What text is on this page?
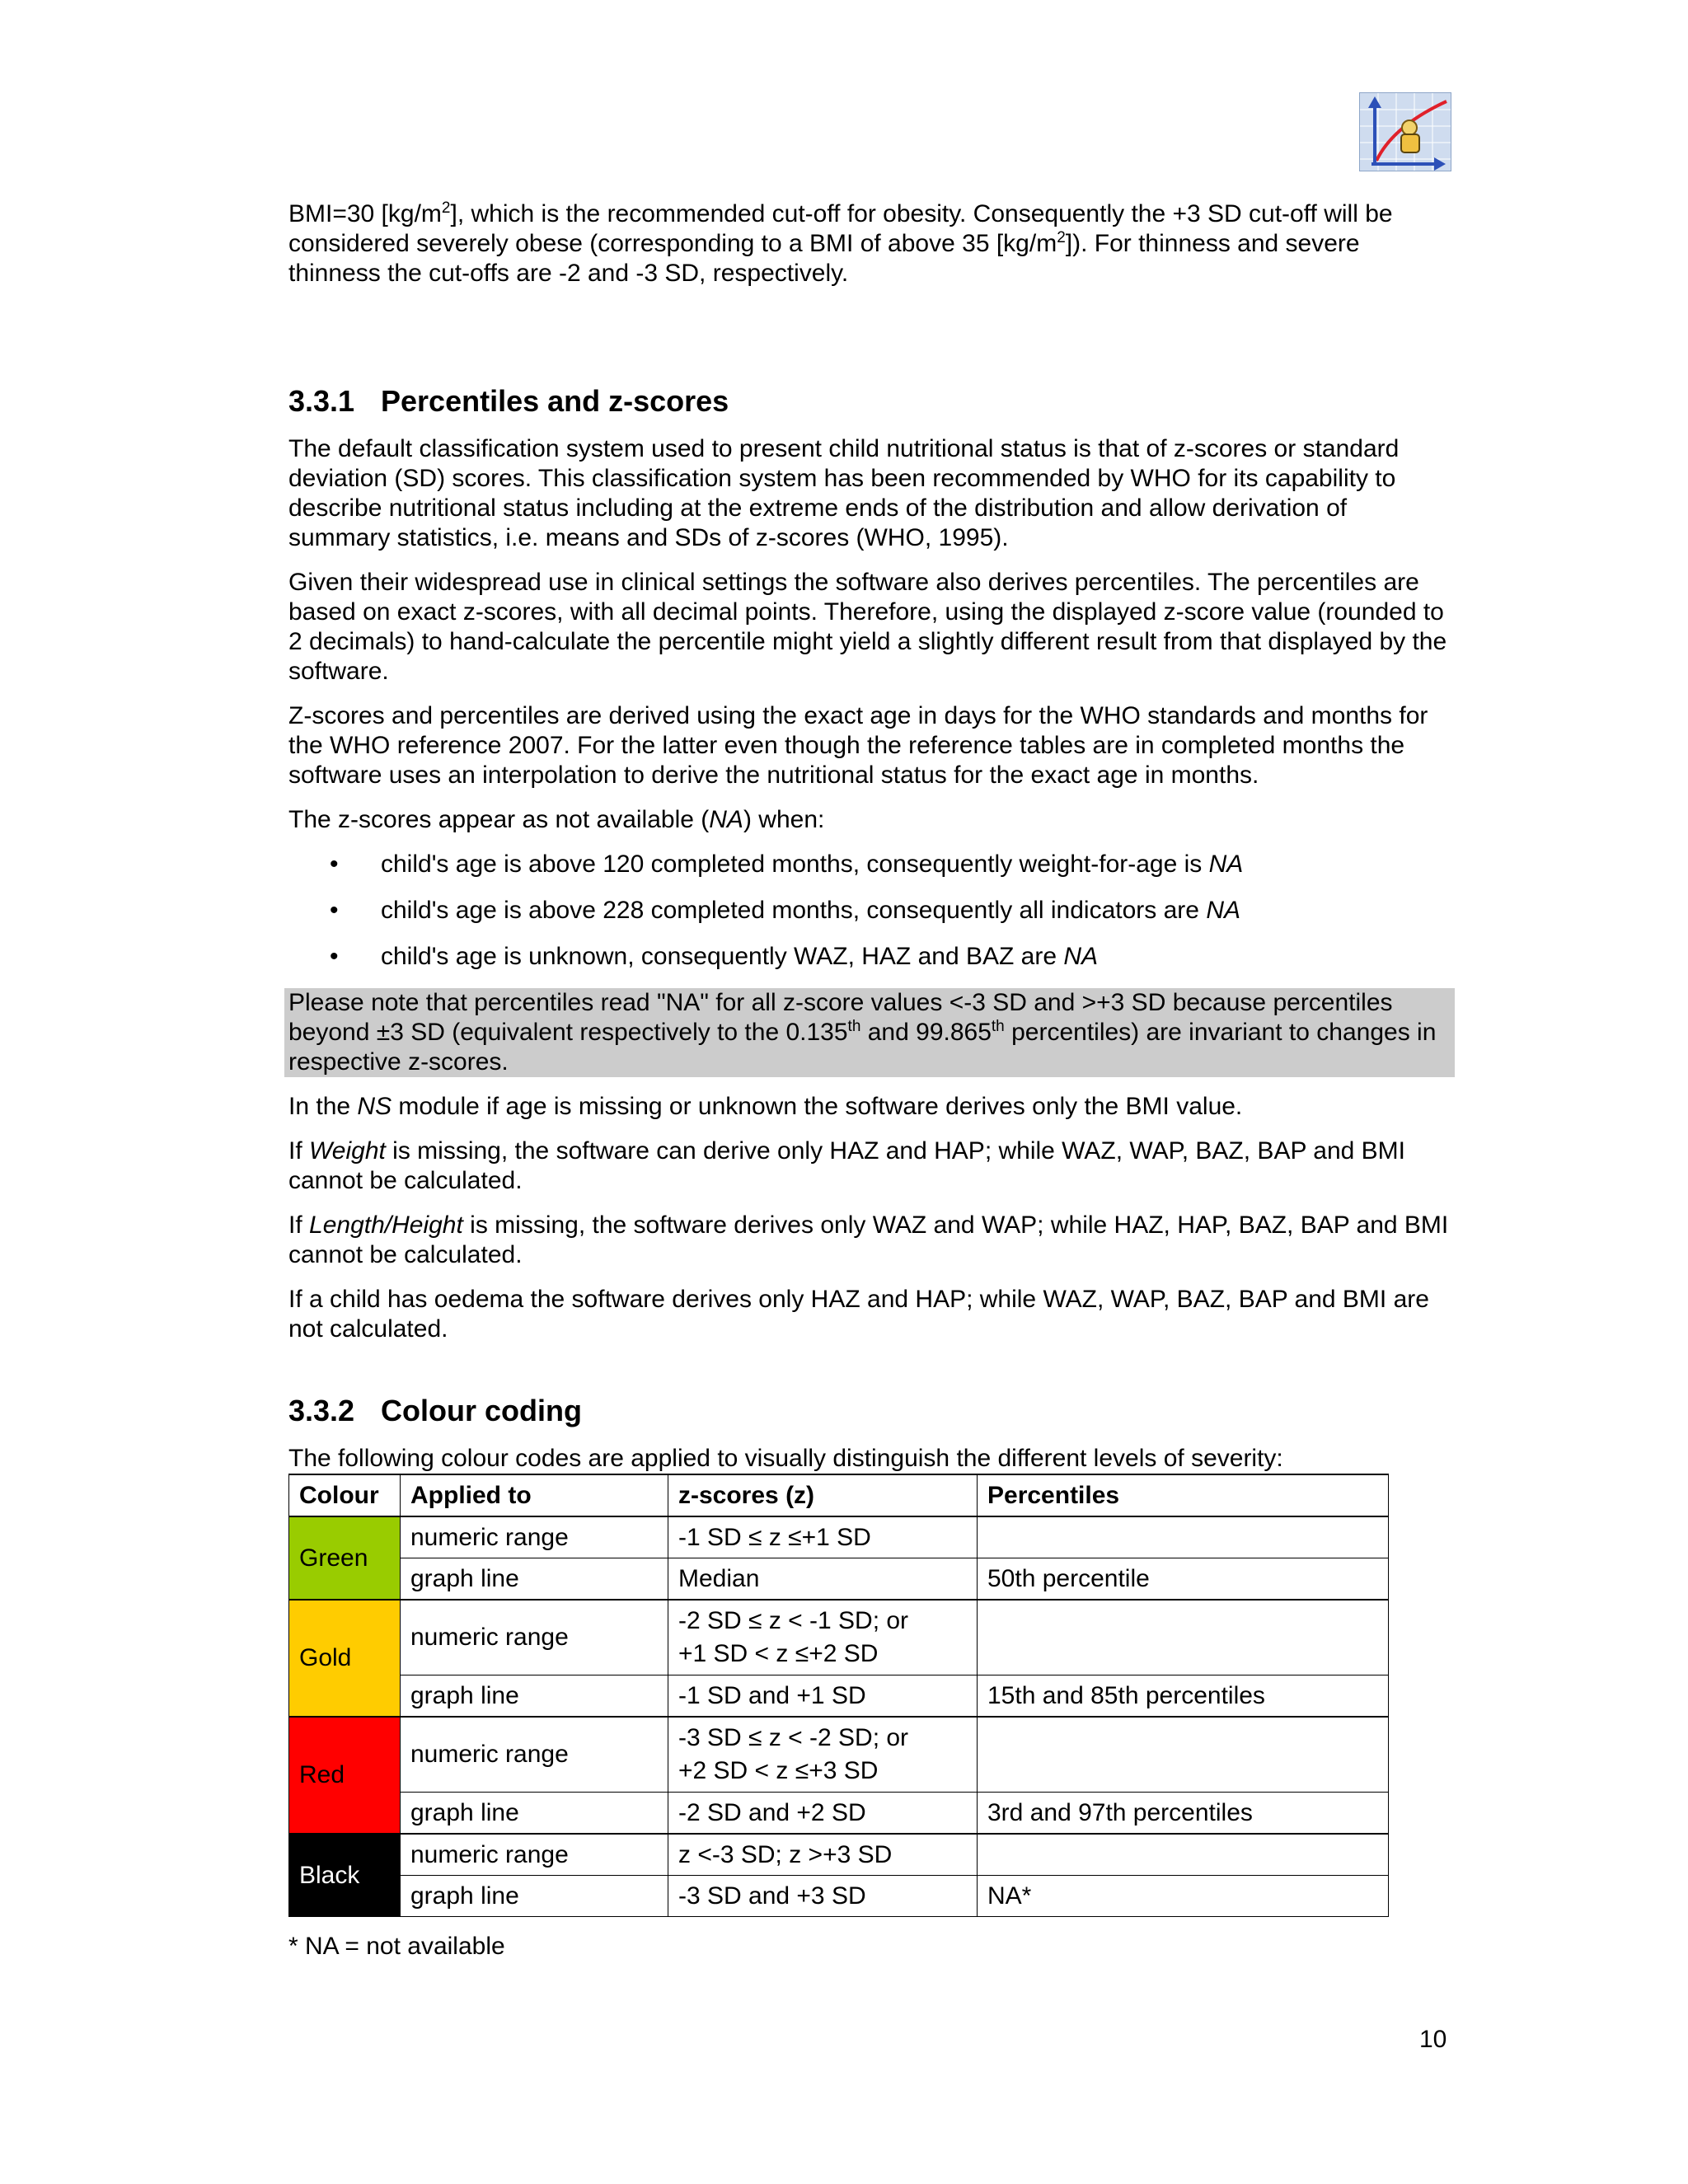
BMI=30 $[kg/m^2]$, which is the recommended cut-off for obesity. Consequently the +3 SD cut-off will be considered severely obese (corresponding to a BMI of above 35 $[kg/m^2]$). For thinness and severe thinness the cut-offs are -2 and -3 SD, respectively.

3.3.1 Percentiles and z-scores

The default classification system used to present child nutritional status is that of z-scores or standard deviation (SD) scores. This classification system has been recommended by WHO for its capability to describe nutritional status including at the extreme ends of the distribution and allow derivation of summary statistics, i.e. means and SDs of z-scores (WHO, 1995).

Given their widespread use in clinical settings the software also derives percentiles. The percentiles are based on exact z-scores, with all decimal points. Therefore, using the displayed z-score value (rounded to 2 decimals) to hand-calculate the percentile might yield a slightly different result from that displayed by the software.

Z-scores and percentiles are derived using the exact age in days for the WHO standards and months for the WHO reference 2007. For the latter even though the reference tables are in completed months the software uses an interpolation to derive the nutritional status for the exact age in months.

The z-scores appear as not available (NA) when:

• child's age is above 120 completed months, consequently weight-for-age is NA
• child's age is above 228 completed months, consequently all indicators are NA
• child's age is unknown, consequently WAZ, HAZ and BAZ are NA

Please note that percentiles read "NA" for all z-score values <-3 SD and >+3 SD because percentiles beyond ±3 SD (equivalent respectively to the 0.135th and 99.865th percentiles) are invariant to changes in respective z-scores.

In the NS module if age is missing or unknown the software derives only the BMI value.

If Weight is missing, the software can derive only HAZ and HAP; while WAZ, WAP, BAZ, BAP and BMI cannot be calculated.

If Length/Height is missing, the software derives only WAZ and WAP; while HAZ, HAP, BAZ, BAP and BMI cannot be calculated.

If a child has oedema the software derives only HAZ and HAP; while WAZ, WAP, BAZ, BAP and BMI are not calculated.

3.3.2 Colour coding
The following colour codes are applied to visually distinguish the different levels of severity:
Colour	Applied to	z-scores (z)	Percentiles
Green	numeric range	-1 SD ≤ z ≤+1 SD	

	graph line	Median	50th percentile
Gold	numeric range	-2 SD ≤ z < -1 SD; or
+1 SD < z ≤+2 SD	

	graph line	-1 SD and +1 SD	15th and 85th percentiles
Red	numeric range	-3 SD ≤ z < -2 SD; or
+2 SD < z ≤+3 SD	

	graph line	-2 SD and +2 SD	3rd and 97th percentiles
Black	numeric range	z <-3 SD; z >+3 SD	

	graph line	-3 SD and +3 SD	NA*

* NA = not available

10
